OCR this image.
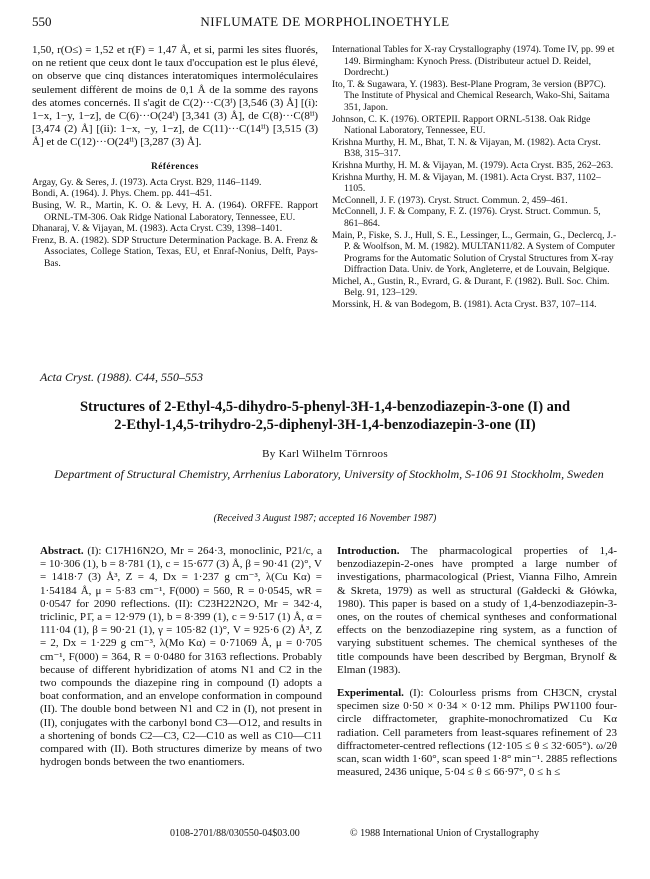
550	NIFLUMATE DE MORPHOLINOETHYLE

1,50, r(O≤) = 1,52 et r(F) = 1,47 Å, et si, parmi les sites fluorés, on ne retient que ceux dont le taux d'occupation est le plus élevé, on observe que cinq distances interatomiques intermoléculaires seulement diffèrent de moins de 0,1 Å de la somme des rayons des atomes concernés. Il s'agit de C(2)···C(3ⁱ) [3,546 (3) Å] [(i): 1−x, 1−y, 1−z], de C(6)···O(24ⁱ) [3,341 (3) Å], de C(8)···C(8ⁱⁱ) [3,474 (2) Å] [(ii): 1−x, −y, 1−z], de C(11)···C(14ⁱⁱ) [3,515 (3) Å] et de C(12)···O(24ⁱⁱ) [3,287 (3) Å].

Références

Argay, Gy. & Seres, J. (1973). Acta Cryst. B29, 1146–1149.

Bondi, A. (1964). J. Phys. Chem. pp. 441–451.

Busing, W. R., Martin, K. O. & Levy, H. A. (1964). ORFFE. Rapport ORNL-TM-306. Oak Ridge National Laboratory, Tennessee, EU.

Dhanaraj, V. & Vijayan, M. (1983). Acta Cryst. C39, 1398–1401.

Frenz, B. A. (1982). SDP Structure Determination Package. B. A. Frenz & Associates, College Station, Texas, EU, et Enraf-Nonius, Delft, Pays-Bas.

International Tables for X-ray Crystallography (1974). Tome IV, pp. 99 et 149. Birmingham: Kynoch Press. (Distributeur actuel D. Reidel, Dordrecht.)

Ito, T. & Sugawara, Y. (1983). Best-Plane Program, 3e version (BP7C). The Institute of Physical and Chemical Research, Wako-Shi, Saitama 351, Japon.

Johnson, C. K. (1976). ORTEPII. Rapport ORNL-5138. Oak Ridge National Laboratory, Tennessee, EU.

Krishna Murthy, H. M., Bhat, T. N. & Vijayan, M. (1982). Acta Cryst. B38, 315–317.

Krishna Murthy, H. M. & Vijayan, M. (1979). Acta Cryst. B35, 262–263.

Krishna Murthy, H. M. & Vijayan, M. (1981). Acta Cryst. B37, 1102–1105.

McConnell, J. F. (1973). Cryst. Struct. Commun. 2, 459–461.

McConnell, J. F. & Company, F. Z. (1976). Cryst. Struct. Commun. 5, 861–864.

Main, P., Fiske, S. J., Hull, S. E., Lessinger, L., Germain, G., Declercq, J.-P. & Woolfson, M. M. (1982). MULTAN11/82. A System of Computer Programs for the Automatic Solution of Crystal Structures from X-ray Diffraction Data. Univ. de York, Angleterre, et de Louvain, Belgique.

Michel, A., Gustin, R., Evrard, G. & Durant, F. (1982). Bull. Soc. Chim. Belg. 91, 123–129.

Morssink, H. & van Bodegom, B. (1981). Acta Cryst. B37, 107–114.

Acta Cryst. (1988). C44, 550–553
Structures of 2-Ethyl-4,5-dihydro-5-phenyl-3H-1,4-benzodiazepin-3-one (I) and
2-Ethyl-1,4,5-trihydro-2,5-diphenyl-3H-1,4-benzodiazepin-3-one (II)
By Karl Wilhelm Törnroos
Department of Structural Chemistry, Arrhenius Laboratory, University of Stockholm, S-106 91 Stockholm, Sweden
(Received 3 August 1987; accepted 16 November 1987)

Abstract. (I): C17H16N2O, Mr = 264·3, monoclinic, P21/c, a = 10·306 (1), b = 8·781 (1), c = 15·677 (3) Å, β = 90·41 (2)°, V = 1418·7 (3) Å³, Z = 4, Dx = 1·237 g cm⁻³, λ(Cu Kα) = 1·54184 Å, μ = 5·83 cm⁻¹, F(000) = 560, R = 0·0545, wR = 0·0547 for 2090 reflections. (II): C23H22N2O, Mr = 342·4, triclinic, P1̄, a = 12·979 (1), b = 8·399 (1), c = 9·517 (1) Å, α = 111·04 (1), β = 90·21 (1), γ = 105·82 (1)°, V = 925·6 (2) Å³, Z = 2, Dx = 1·229 g cm⁻³, λ(Mo Kα) = 0·71069 Å, μ = 0·705 cm⁻¹, F(000) = 364, R = 0·0480 for 3163 reflections. Probably because of different hybridization of atoms N1 and C2 in the two compounds the diazepine ring in compound (I) adopts a boat conformation, and an envelope conformation in compound (II). The double bond between N1 and C2 in (I), not present in (II), conjugates with the carbonyl bond C3—O12, and results in a shortening of bonds C2—C3, C2—C10 as well as C10—C11 compared with (II). Both structures dimerize by means of two hydrogen bonds between the two enantiomers.

Introduction. The pharmacological properties of 1,4-benzodiazepin-2-ones have prompted a large number of investigations, pharmacological (Priest, Vianna Filho, Amrein & Skreta, 1979) as well as structural (Gałdecki & Główka, 1980). This paper is based on a study of 1,4-benzodiazepin-3-ones, on the routes of chemical syntheses and conformational effects on the benzodiazepine ring system, as a function of varying substituent schemes. The chemical syntheses of the title compounds have been described by Bergman, Brynolf & Elman (1983).

Experimental. (I): Colourless prisms from CH3CN, crystal specimen size 0·50 × 0·34 × 0·12 mm. Philips PW1100 four-circle diffractometer, graphite-monochromatized Cu Kα radiation. Cell parameters from least-squares refinement of 23 diffractometer-centred reflections (12·105 ≤ θ ≤ 32·605°). ω/2θ scan, scan width 1·60°, scan speed 1·8° min⁻¹. 2885 reflections measured, 2436 unique, 5·04 ≤ θ ≤ 66·97°, 0 ≤ h ≤

0108-2701/88/030550-04$03.00	© 1988 International Union of Crystallography
